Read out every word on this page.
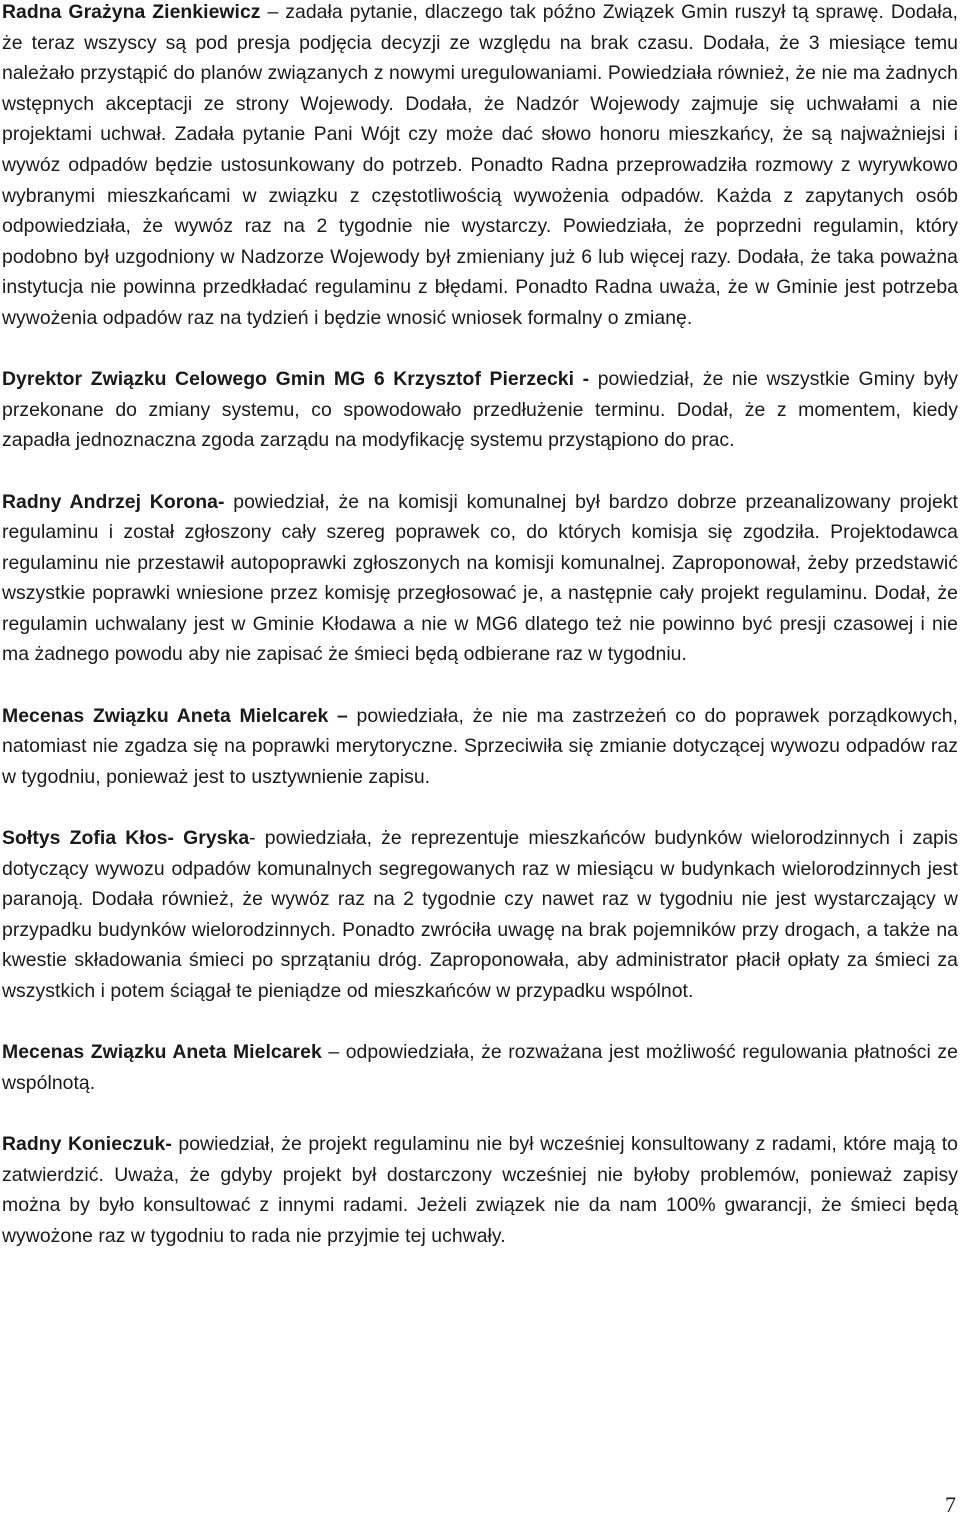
Radna Grażyna Zienkiewicz – zadała pytanie, dlaczego tak późno Związek Gmin ruszył tą sprawę. Dodała, że teraz wszyscy są pod presja podjęcia decyzji ze względu na brak czasu. Dodała, że 3 miesiące temu należało przystąpić do planów związanych z nowymi uregulowaniami. Powiedziała również, że nie ma żadnych wstępnych akceptacji ze strony Wojewody. Dodała, że Nadzór Wojewody zajmuje się uchwałami a nie projektami uchwał. Zadała pytanie Pani Wójt czy może dać słowo honoru mieszkańcy, że są najważniejsi i wywóz odpadów będzie ustosunkowany do potrzeb. Ponadto Radna przeprowadziła rozmowy z wyrywkowo wybranymi mieszkańcami w związku z częstotliwością wywożenia odpadów. Każda z zapytanych osób odpowiedziała, że wywóz raz na 2 tygodnie nie wystarczy. Powiedziała, że poprzedni regulamin, który podobno był uzgodniony w Nadzorze Wojewody był zmieniany już 6 lub więcej razy. Dodała, że taka poważna instytucja nie powinna przedkładać regulaminu z błędami. Ponadto Radna uważa, że w Gminie jest potrzeba wywożenia odpadów raz na tydzień i będzie wnosić wniosek formalny o zmianę.

Dyrektor Związku Celowego Gmin MG 6 Krzysztof Pierzecki - powiedział, że nie wszystkie Gminy były przekonane do zmiany systemu, co spowodowało przedłużenie terminu. Dodał, że z momentem, kiedy zapadła jednoznaczna zgoda zarządu na modyfikację systemu przystąpiono do prac.

Radny Andrzej Korona- powiedział, że na komisji komunalnej był bardzo dobrze przeanalizowany projekt regulaminu i został zgłoszony cały szereg poprawek co, do których komisja się zgodziła. Projektodawca regulaminu nie przestawił autopoprawki zgłoszonych na komisji komunalnej. Zaproponował, żeby przedstawić wszystkie poprawki wniesione przez komisję przegłosować je, a następnie cały projekt regulaminu. Dodał, że regulamin uchwalany jest w Gminie Kłodawa a nie w MG6 dlatego też nie powinno być presji czasowej i nie ma żadnego powodu aby nie zapisać że śmieci będą odbierane raz w tygodniu.

Mecenas Związku Aneta Mielcarek – powiedziała, że nie ma zastrzeżeń co do poprawek porządkowych, natomiast nie zgadza się na poprawki merytoryczne. Sprzeciwiła się zmianie dotyczącej wywozu odpadów raz w tygodniu, ponieważ jest to usztywnienie zapisu.

Sołtys Zofia Kłos- Gryska- powiedziała, że reprezentuje mieszkańców budynków wielorodzinnych i zapis dotyczący wywozu odpadów komunalnych segregowanych raz w miesiącu w budynkach wielorodzinnych jest paranoją. Dodała również, że wywóz raz na 2 tygodnie czy nawet raz w tygodniu nie jest wystarczający w przypadku budynków wielorodzinnych. Ponadto zwróciła uwagę na brak pojemników przy drogach, a także na kwestie składowania śmieci po sprzątaniu dróg. Zaproponowała, aby administrator płacił opłaty za śmieci za wszystkich i potem ściągał te pieniądze od mieszkańców w przypadku wspólnot.

Mecenas Związku Aneta Mielcarek – odpowiedziała, że rozważana jest możliwość regulowania płatności ze wspólnotą.

Radny Konieczuk- powiedział, że projekt regulaminu nie był wcześniej konsultowany z radami, które mają to zatwierdzić. Uważa, że gdyby projekt był dostarczony wcześniej nie byłoby problemów, ponieważ zapisy można by było konsultować z innymi radami. Jeżeli związek nie da nam 100% gwarancji, że śmieci będą wywożone raz w tygodniu to rada nie przyjmie tej uchwały.

7
